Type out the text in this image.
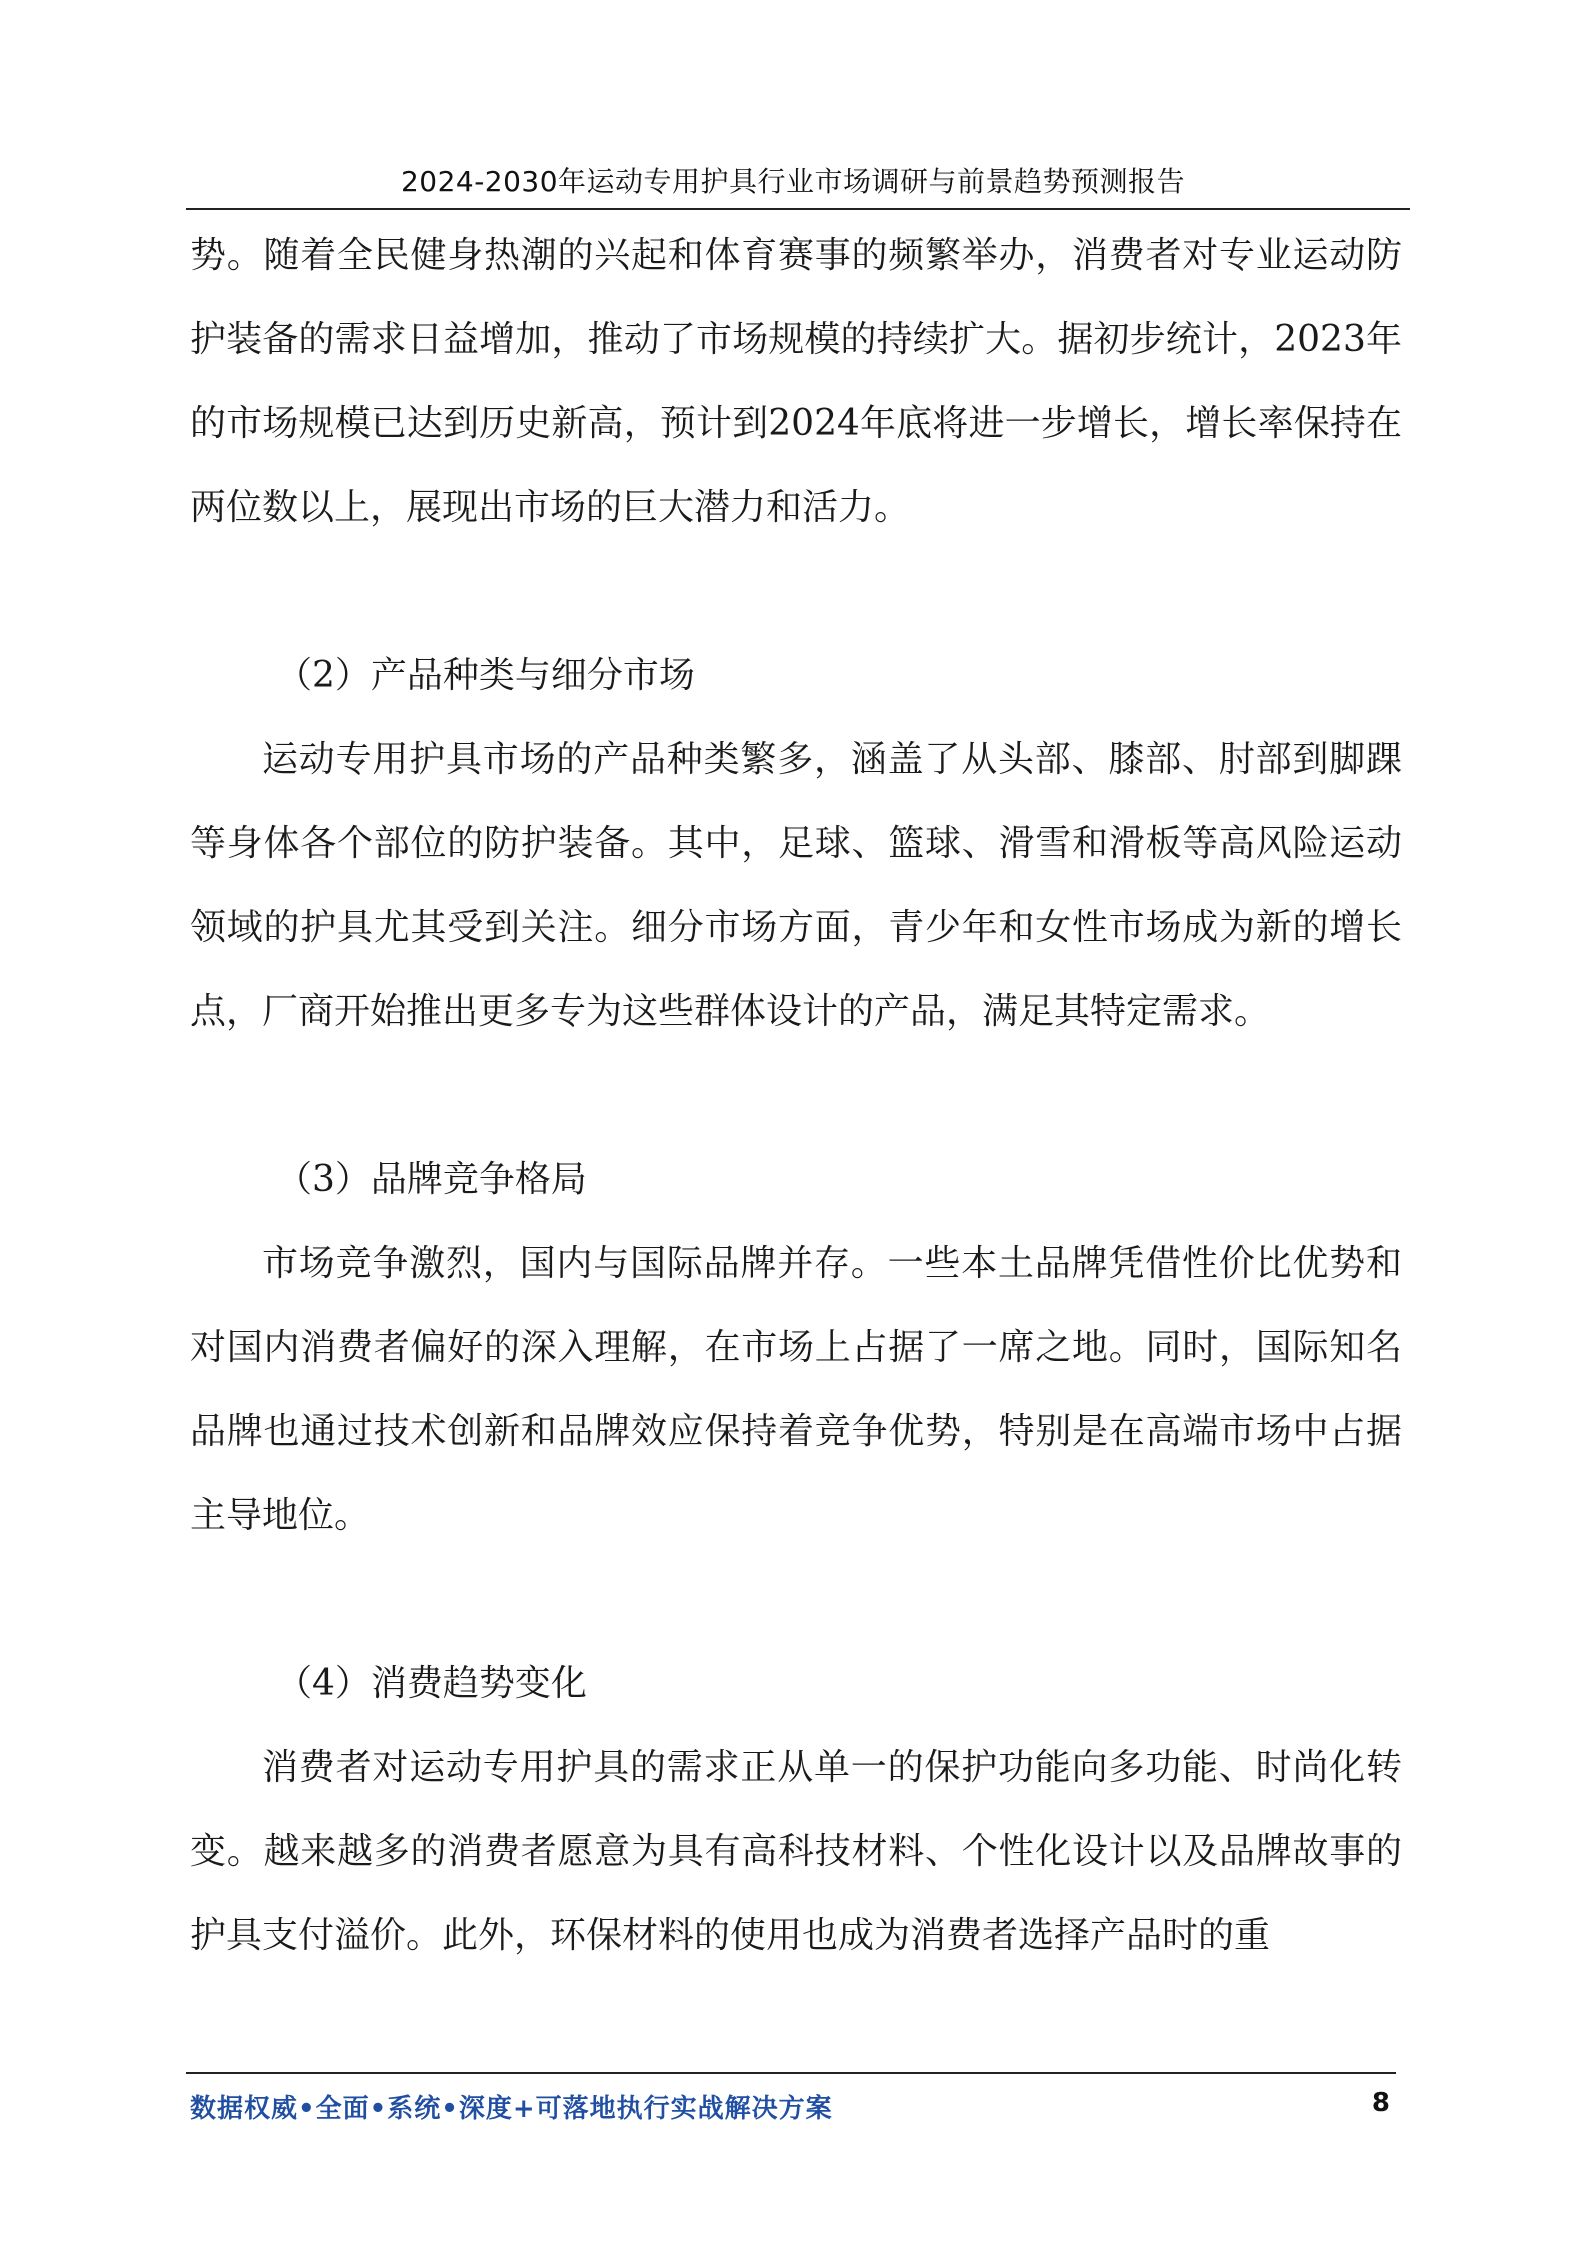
2024-2030年运动专用护具行业市场调研与前景趋势预测报告

势。随着全民健身热潮的兴起和体育赛事的频繁举办，消费者对专业运动防护装备的需求日益增加，推动了市场规模的持续扩大。据初步统计，2023年的市场规模已达到历史新高，预计到2024年底将进一步增长，增长率保持在两位数以上，展现出市场的巨大潜力和活力。

（2）产品种类与细分市场

运动专用护具市场的产品种类繁多，涵盖了从头部、膝部、肘部到脚踝等身体各个部位的防护装备。其中，足球、篮球、滑雪和滑板等高风险运动领域的护具尤其受到关注。细分市场方面，青少年和女性市场成为新的增长点，厂商开始推出更多专为这些群体设计的产品，满足其特定需求。

（3）品牌竞争格局

市场竞争激烈，国内与国际品牌并存。一些本土品牌凭借性价比优势和对国内消费者偏好的深入理解，在市场上占据了一席之地。同时，国际知名品牌也通过技术创新和品牌效应保持着竞争优势，特别是在高端市场中占据主导地位。

（4）消费趋势变化

消费者对运动专用护具的需求正从单一的保护功能向多功能、时尚化转变。越来越多的消费者愿意为具有高科技材料、个性化设计以及品牌故事的护具支付溢价。此外，环保材料的使用也成为消费者选择产品时的重

数据权威•全面•系统•深度+可落地执行实战解决方案	8
